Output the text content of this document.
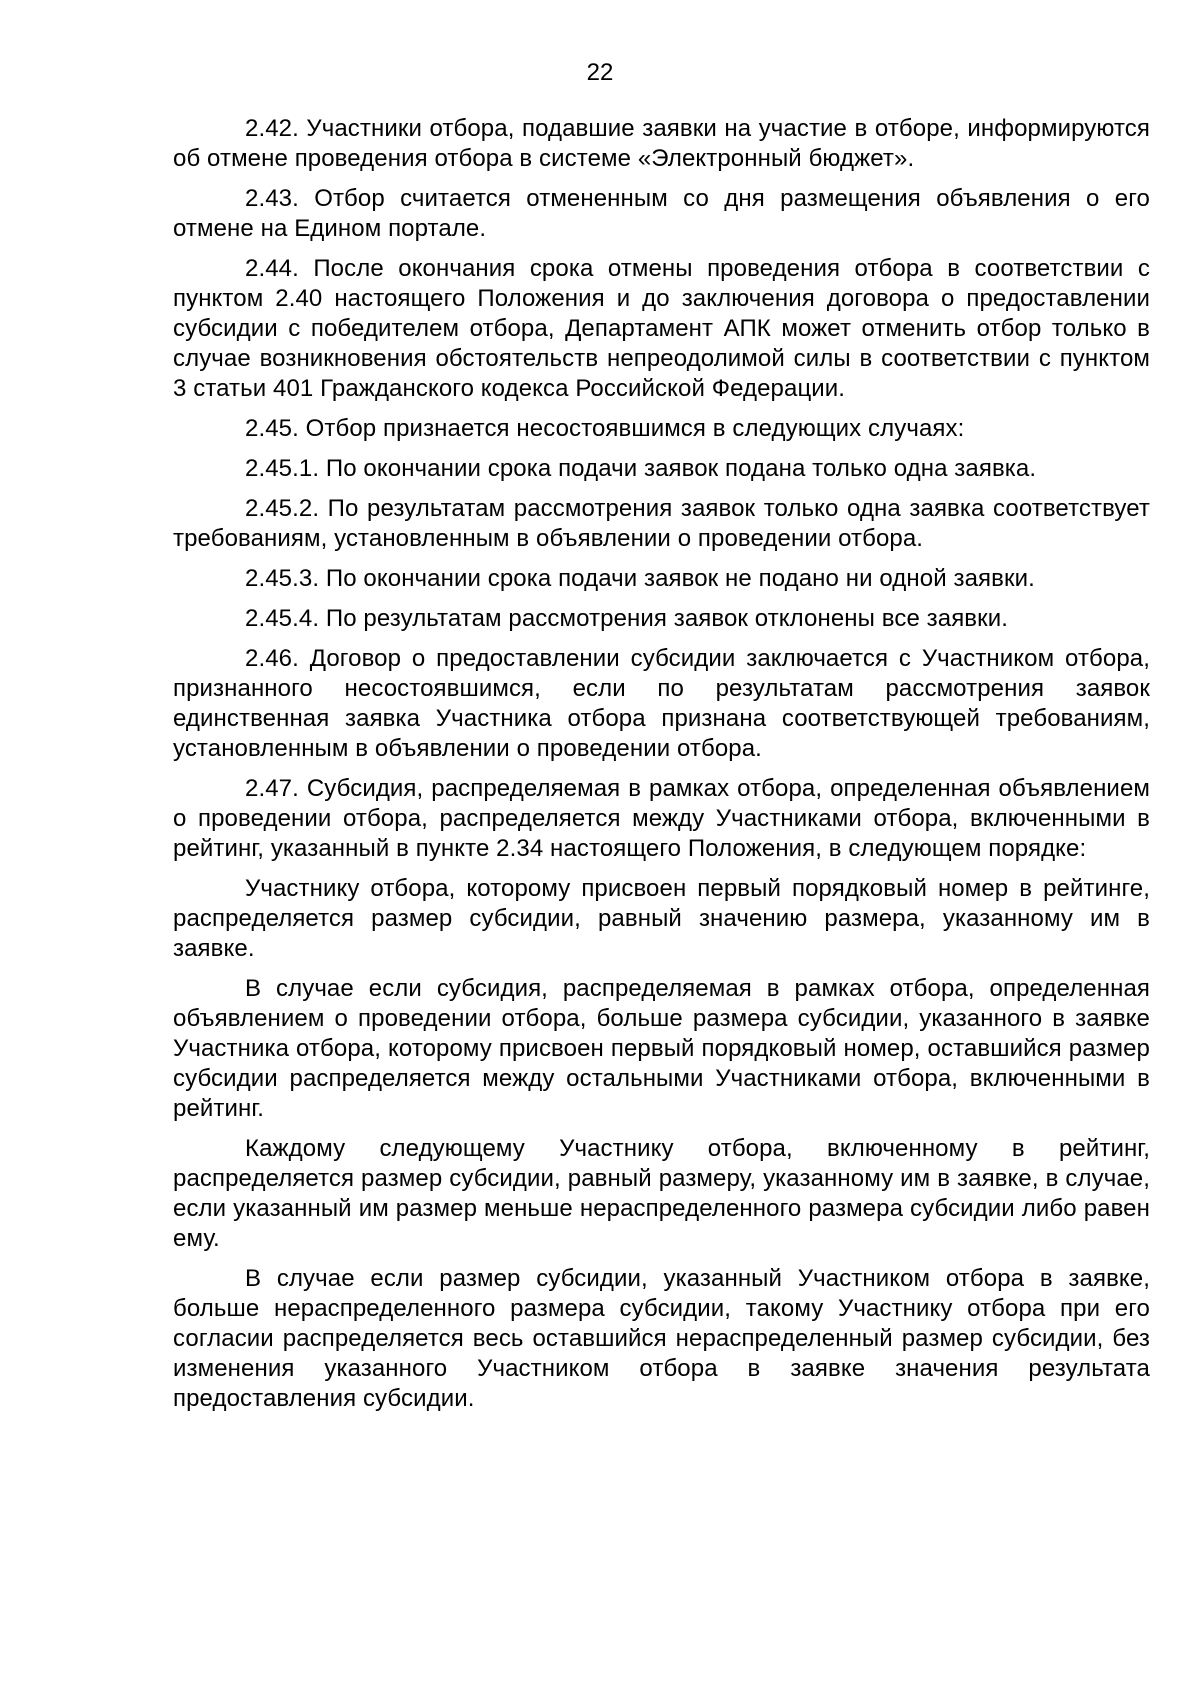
22

2.42. Участники отбора, подавшие заявки на участие в отборе, информируются об отмене проведения отбора в системе «Электронный бюджет».

2.43. Отбор считается отмененным со дня размещения объявления о его отмене на Едином портале.

2.44. После окончания срока отмены проведения отбора в соответствии с пунктом 2.40 настоящего Положения и до заключения договора о предоставлении субсидии с победителем отбора, Департамент АПК может отменить отбор только в случае возникновения обстоятельств непреодолимой силы в соответствии с пунктом 3 статьи 401 Гражданского кодекса Российской Федерации.

2.45. Отбор признается несостоявшимся в следующих случаях:

2.45.1. По окончании срока подачи заявок подана только одна заявка.

2.45.2. По результатам рассмотрения заявок только одна заявка соответствует требованиям, установленным в объявлении о проведении отбора.

2.45.3. По окончании срока подачи заявок не подано ни одной заявки.

2.45.4. По результатам рассмотрения заявок отклонены все заявки.

2.46. Договор о предоставлении субсидии заключается с Участником отбора, признанного несостоявшимся, если по результатам рассмотрения заявок единственная заявка Участника отбора признана соответствующей требованиям, установленным в объявлении о проведении отбора.

2.47. Субсидия, распределяемая в рамках отбора, определенная объявлением о проведении отбора, распределяется между Участниками отбора, включенными в рейтинг, указанный в пункте 2.34 настоящего Положения, в следующем порядке:

Участнику отбора, которому присвоен первый порядковый номер в рейтинге, распределяется размер субсидии, равный значению размера, указанному им в заявке.

В случае если субсидия, распределяемая в рамках отбора, определенная объявлением о проведении отбора, больше размера субсидии, указанного в заявке Участника отбора, которому присвоен первый порядковый номер, оставшийся размер субсидии распределяется между остальными Участниками отбора, включенными в рейтинг.

Каждому следующему Участнику отбора, включенному в рейтинг, распределяется размер субсидии, равный размеру, указанному им в заявке, в случае, если указанный им размер меньше нераспределенного размера субсидии либо равен ему.

В случае если размер субсидии, указанный Участником отбора в заявке, больше нераспределенного размера субсидии, такому Участнику отбора при его согласии распределяется весь оставшийся нераспределенный размер субсидии, без изменения указанного Участником отбора в заявке значения результата предоставления субсидии.
